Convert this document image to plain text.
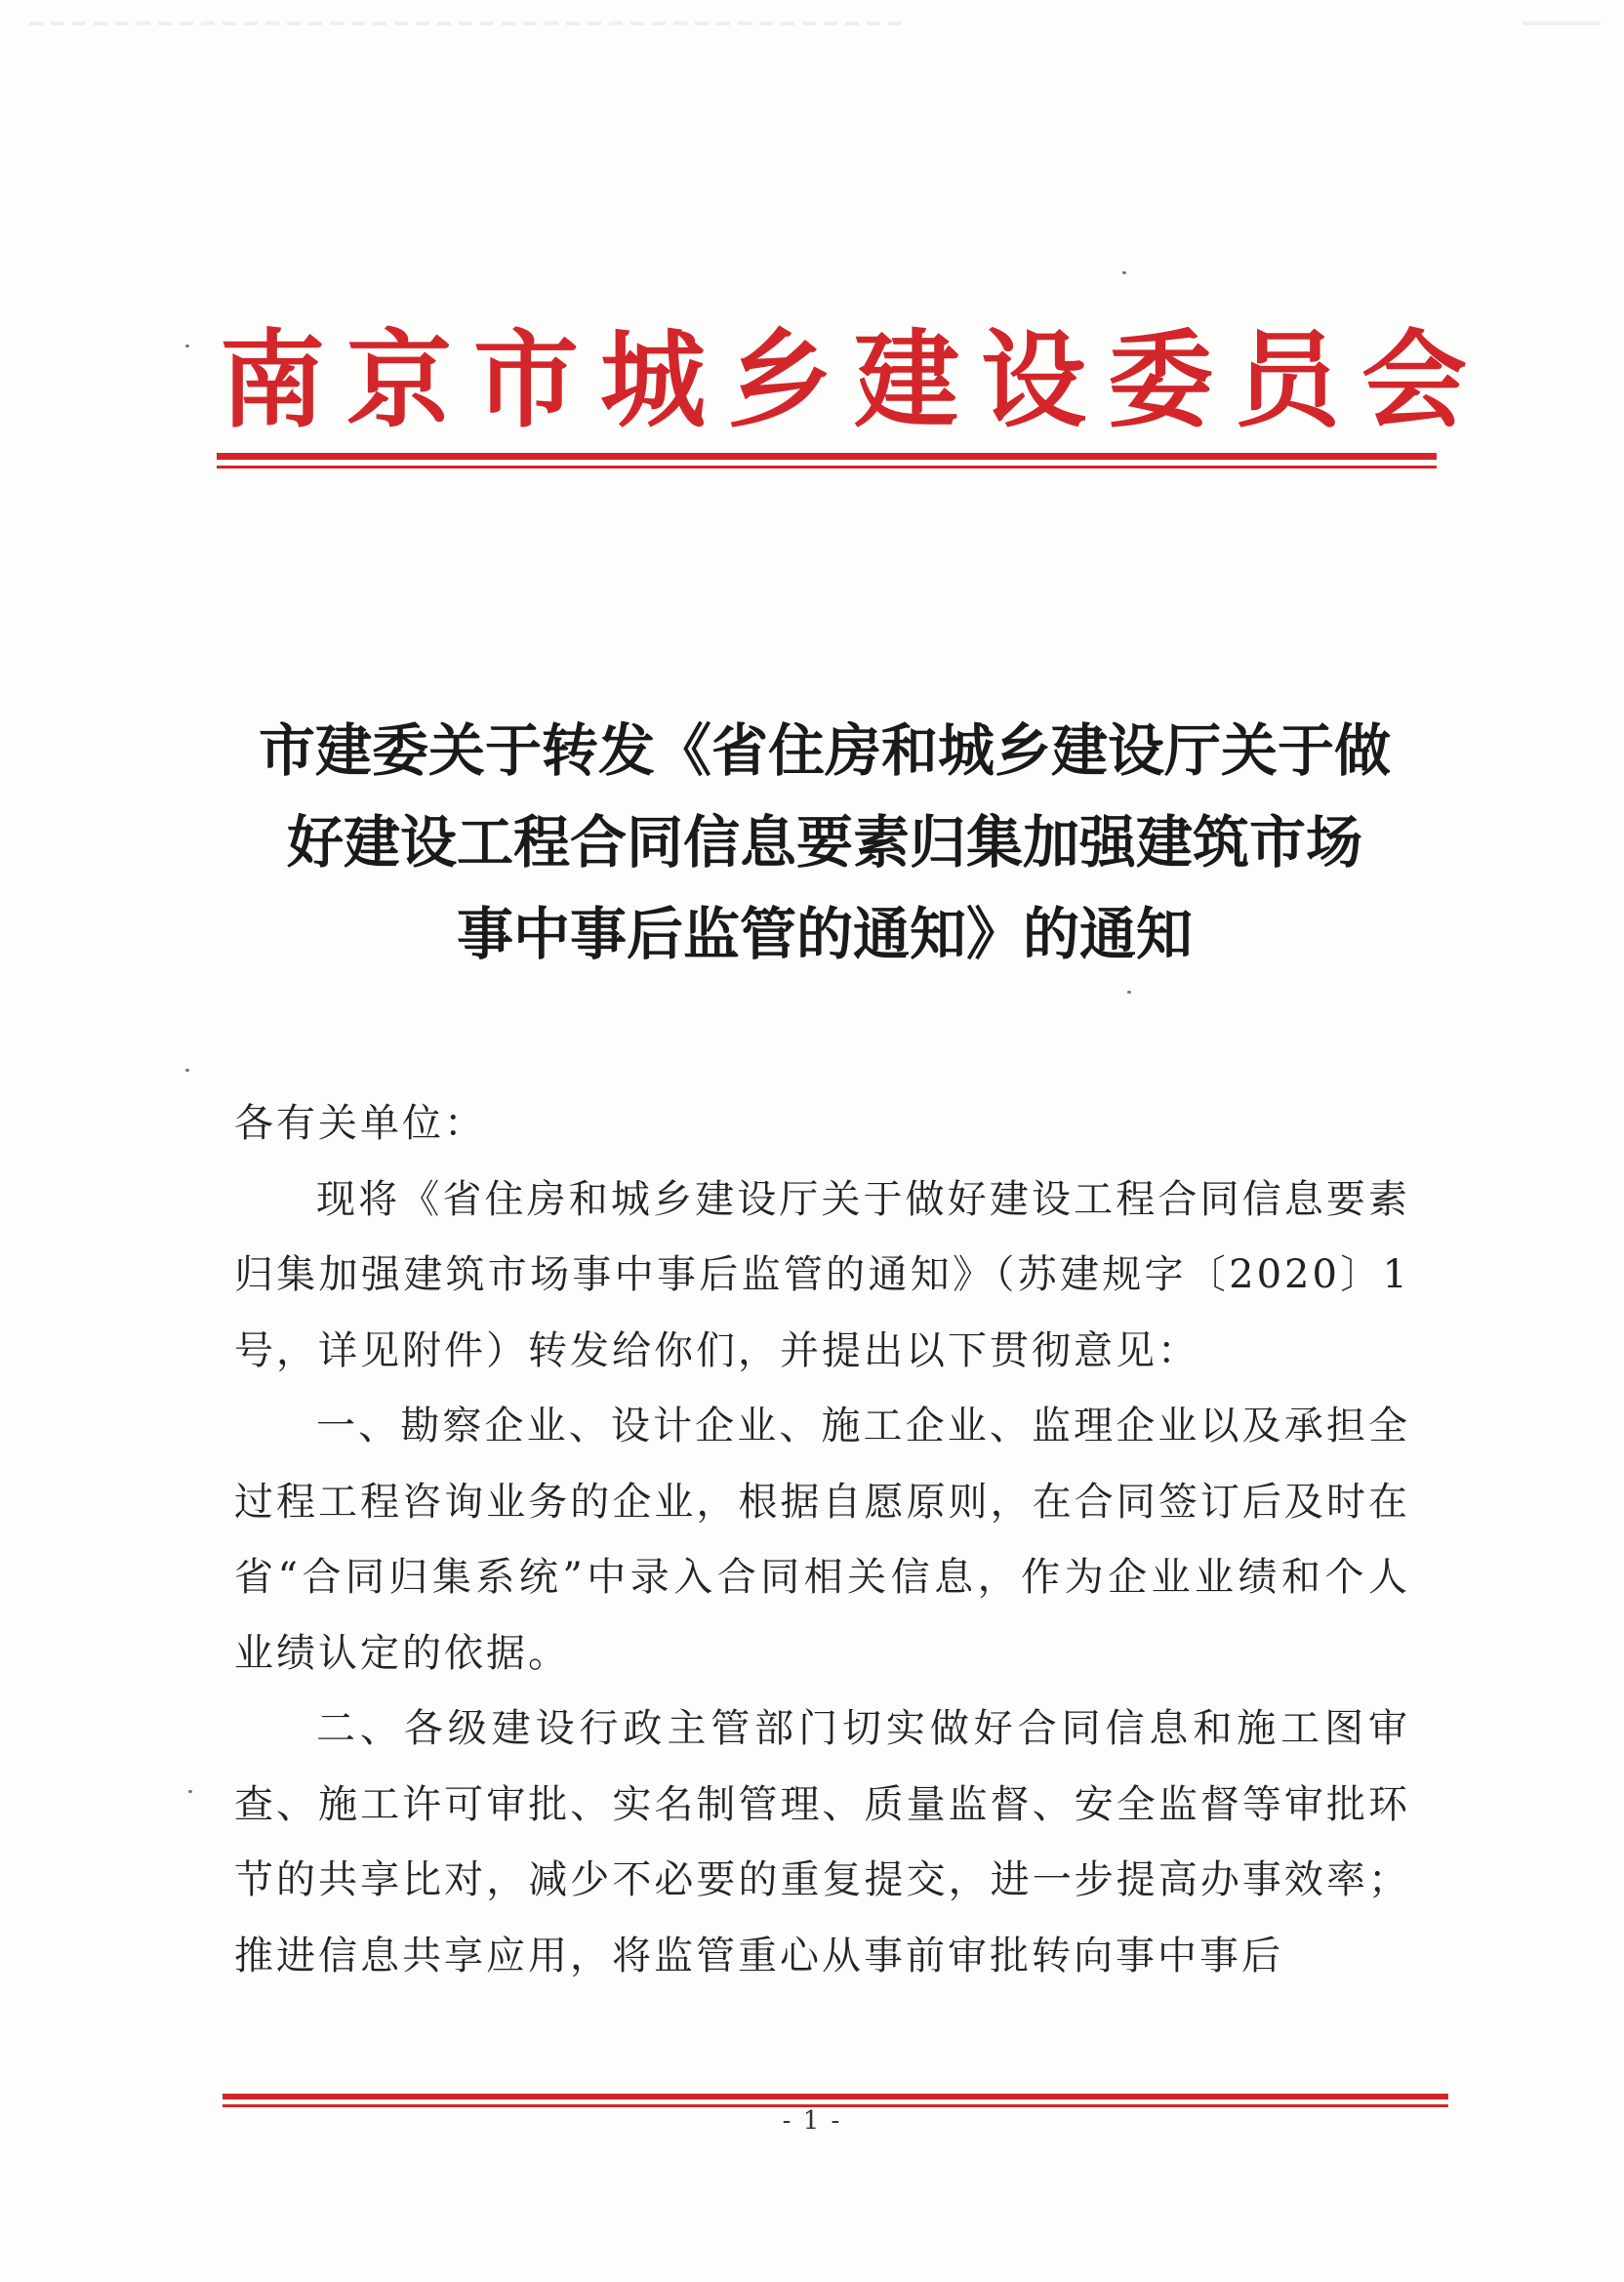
南京市城乡建设委员会
市建委关于转发《省住房和城乡建设厅关于做
好建设工程合同信息要素归集加强建筑市场
事中事后监管的通知》的通知

各有关单位：

现将《省住房和城乡建设厅关于做好建设工程合同信息要素归集加强建筑市场事中事后监管的通知》（苏建规字〔2020〕1号，详见附件）转发给你们，并提出以下贯彻意见：

一、勘察企业、设计企业、施工企业、监理企业以及承担全过程工程咨询业务的企业，根据自愿原则，在合同签订后及时在省“合同归集系统”中录入合同相关信息，作为企业业绩和个人业绩认定的依据。

二、各级建设行政主管部门切实做好合同信息和施工图审查、施工许可审批、实名制管理、质量监督、安全监督等审批环节的共享比对，减少不必要的重复提交，进一步提高办事效率；推进信息共享应用，将监管重心从事前审批转向事中事后

- 1 -
